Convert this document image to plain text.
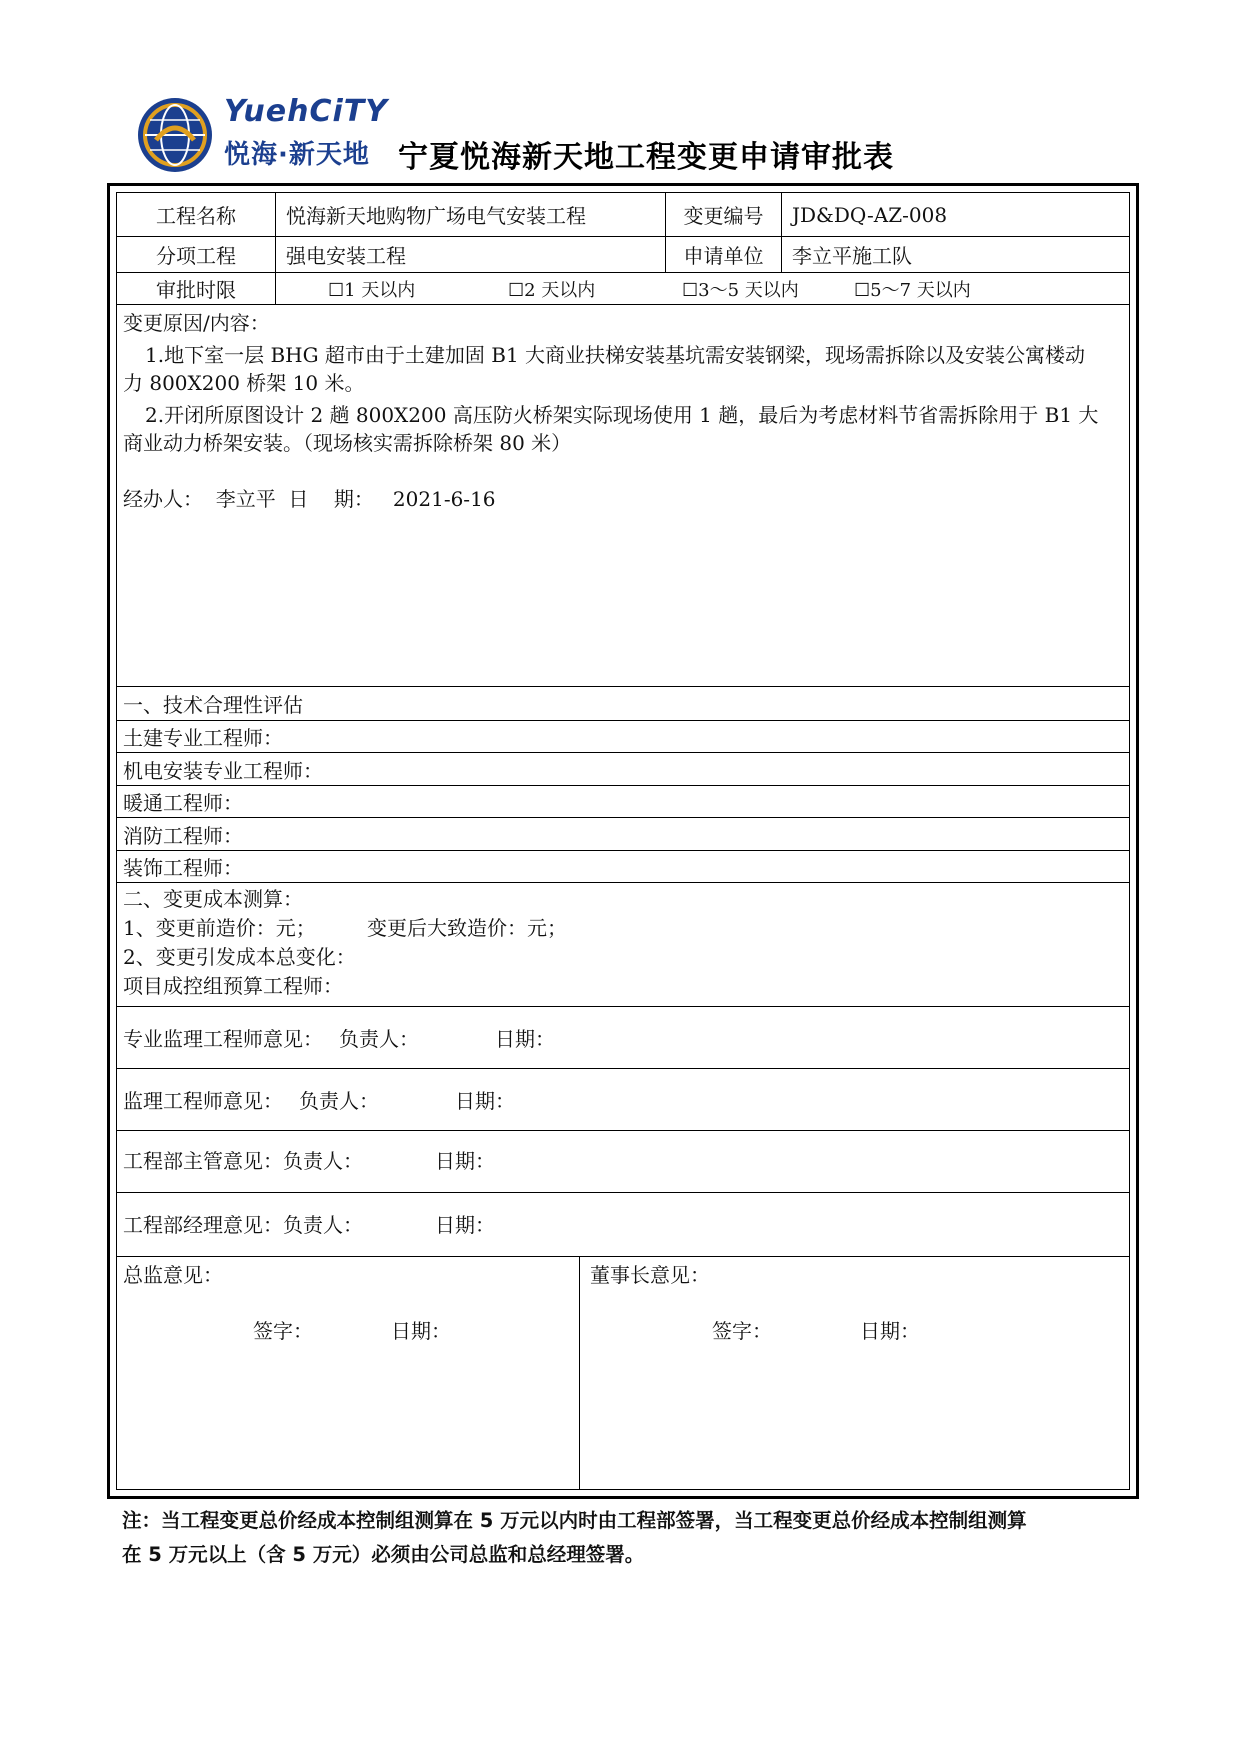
YuehCiTY
悦海·新天地 宁夏悦海新天地工程变更申请审批表
工程名称	悦海新天地购物广场电气安装工程	变更编号	JD&DQ-AZ-008
分项工程	强电安装工程	申请单位	李立平施工队
审批时限	☐1 天以内	☐2 天以内	☐3～5 天以内	☐5～7 天以内
变更原因/内容：
1.地下室一层 BHG 超市由于土建加固 B1 大商业扶梯安装基坑需安装钢梁，现场需拆除以及安装公寓楼动
力 800X200 桥架 10 米。
2.开闭所原图设计 2 趟 800X200 高压防火桥架实际现场使用 1 趟，最后为考虑材料节省需拆除用于 B1 大
商业动力桥架安装。（现场核实需拆除桥架 80 米）
经办人：  李立平  日    期：   2021-6-16
一、技术合理性评估
土建专业工程师：
机电安装专业工程师：
暖通工程师：
消防工程师：
装饰工程师：
二、变更成本测算：
1、变更前造价：元；	变更后大致造价：元；
2、变更引发成本总变化：
项目成控组预算工程师：
专业监理工程师意见： 负责人：	日期：
监理工程师意见： 负责人：	日期：
工程部主管意见：负责人：	日期：
工程部经理意见：负责人：	日期：
总监意见：
签字：	日期：
董事长意见：
签字：	日期：
注：当工程变更总价经成本控制组测算在 5 万元以内时由工程部签署，当工程变更总价经成本控制组测算
在 5 万元以上（含 5 万元）必须由公司总监和总经理签署。
